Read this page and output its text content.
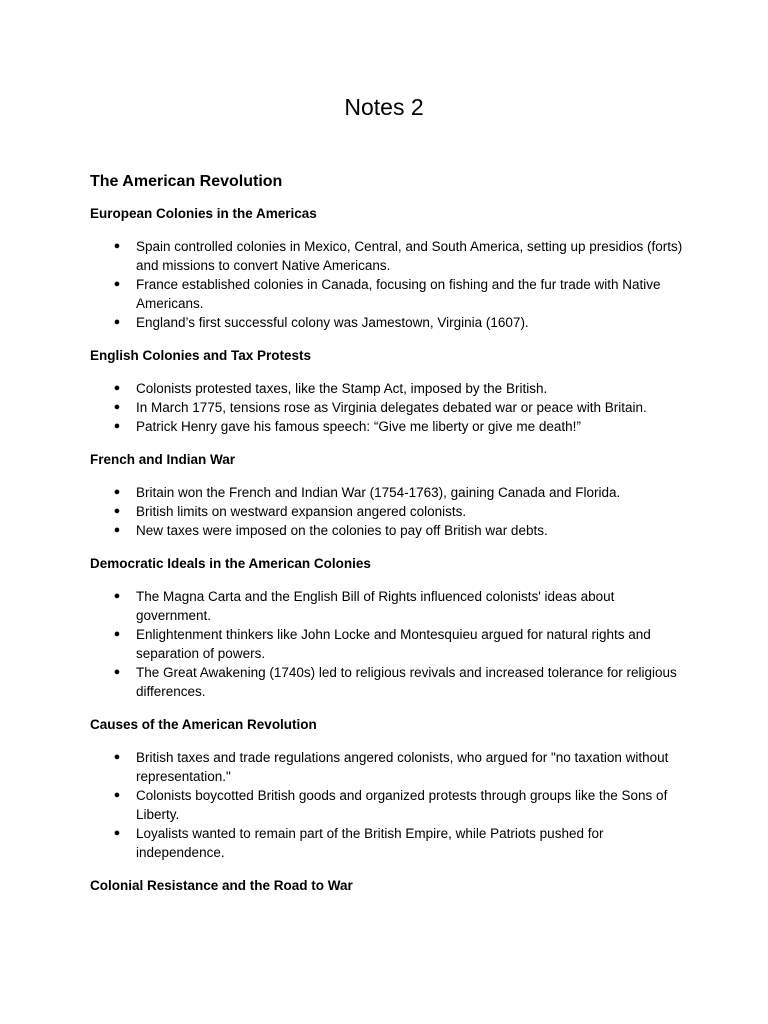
Notes 2
The American Revolution
European Colonies in the Americas
● Spain controlled colonies in Mexico, Central, and South America, setting up presidios (forts) and missions to convert Native Americans.
● France established colonies in Canada, focusing on fishing and the fur trade with Native Americans.
● England’s first successful colony was Jamestown, Virginia (1607).
English Colonies and Tax Protests
● Colonists protested taxes, like the Stamp Act, imposed by the British.
● In March 1775, tensions rose as Virginia delegates debated war or peace with Britain.
● Patrick Henry gave his famous speech: “Give me liberty or give me death!”
French and Indian War
● Britain won the French and Indian War (1754-1763), gaining Canada and Florida.
● British limits on westward expansion angered colonists.
● New taxes were imposed on the colonies to pay off British war debts.
Democratic Ideals in the American Colonies
● The Magna Carta and the English Bill of Rights influenced colonists' ideas about government.
● Enlightenment thinkers like John Locke and Montesquieu argued for natural rights and separation of powers.
● The Great Awakening (1740s) led to religious revivals and increased tolerance for religious differences.
Causes of the American Revolution
● British taxes and trade regulations angered colonists, who argued for "no taxation without representation."
● Colonists boycotted British goods and organized protests through groups like the Sons of Liberty.
● Loyalists wanted to remain part of the British Empire, while Patriots pushed for independence.
Colonial Resistance and the Road to War
